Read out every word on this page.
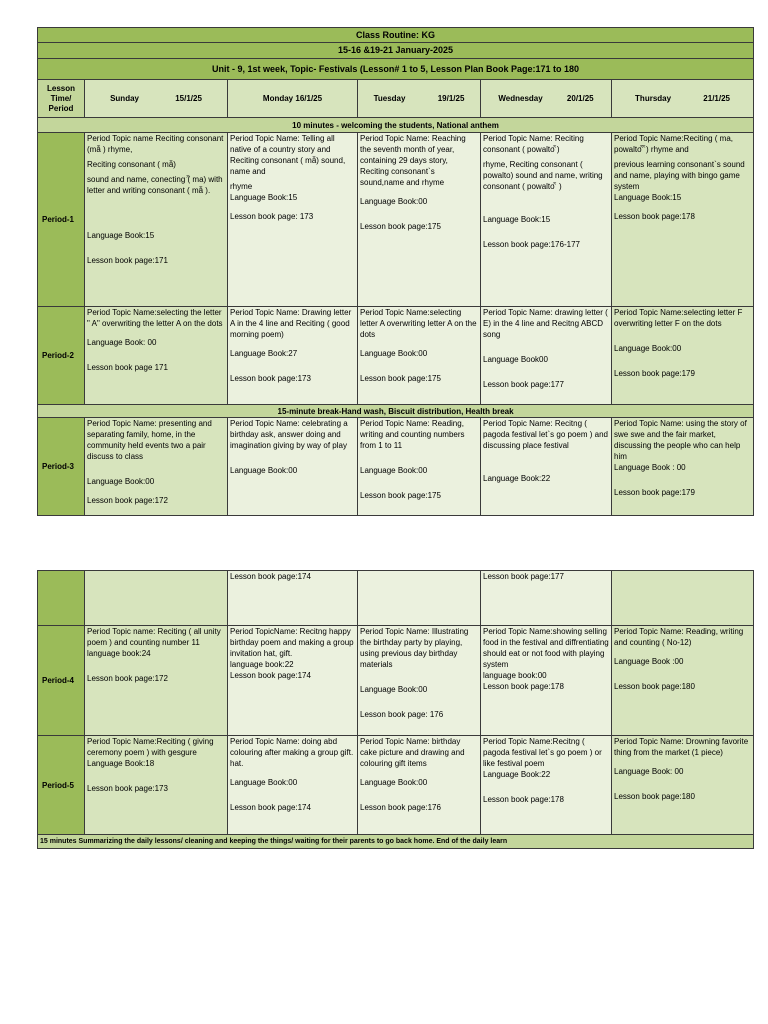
Class Routine: KG					
15-16 &19-21 January-2025					
Unit - 9, 1st week, Topic- Festivals (Lesson# 1 to 5, Lesson Plan Book Page:171 to 180					
Lesson Time/ Period	Sunday 15/1/25	Monday 16/1/25	Tuesday 19/1/25	Wednesday 20/1/25	Thursday 21/1/25
10 minutes - welcoming the students, National anthem					
Period-1	Period Topic name Reciting consonant (maꩰ ) rhyme,
Reciting consonant ( maꩰ)
sound and name, conecting (ꩰ ma) with letter and writing consonant ( maꩰ ).
Language Book:15
Lesson book page:171	Period Topic Name: Telling all native of a country story and Reciting consonant ( maꩰ) sound, name and
rhyme
Language Book:15
Lesson book page: 173	Period Topic Name: Reaching the seventh month of year, containing 29 days story, Reciting consonant`s sound,name and rhyme
Language Book:00
Lesson book page:175	Period Topic Name: Reciting consonant ( powalto ꩰ)
rhyme, Reciting consonant ( powalto) sound and name, writing consonant ( powalto ꩰ )
Language Book:15
Lesson book page:176-177	Period Topic Name:Reciting ( ma, powalto ꩰ ꩰ) rhyme and
previous learning consonant`s sound and name, playing with bingo game system
Language Book:15
Lesson book page:178

Period-2	Period Topic Name:selecting the letter " A" overwriting the letter A on the dots
Language Book: 00
Lesson book page 171	Period Topic Name: Drawing letter A in the 4 line and Reciting ( good morning poem)
Language Book:27
Lesson book page:173	Period Topic Name:selecting letter A overwriting letter A on the dots
Language Book:00
Lesson book page:175	Period Topic Name: drawing letter ( E) in the 4 line and Recitng ABCD song
Language Book00
Lesson book page:177	Period Topic Name:selecting letter F overwriting letter F on the dots
Language Book:00
Lesson book page:179

15-minute break-Hand wash, Biscuit distribution, Health break					
Period-3	Period Topic Name: presenting and separating family, home, in the community held events two a pair discuss to class
Language Book:00
Lesson book page:172	Period Topic Name: celebrating a birthday ask, answer doing and imagination giving by way of play
Language Book:00	Period Topic Name: Reading, writing and counting numbers from 1 to 11
Language Book:00
Lesson book page:175	Period Topic Name: Recitng ( pagoda festival let`s go poem ) and discussing place festival
Language Book:22	Period Topic Name: using the story of swe swe and the fair market, discussing the people who can help him
Language Book : 00
Lesson book page:179

		Lesson book page:174		Lesson book page:177	

Period-4	Period Topic name: Reciting ( all unity poem ) and counting number 11
language book:24
Lesson book page:172	Period TopicName: Recitng happy birthday poem and making a group invitation hat, gift.
language book:22
Lesson book page:174	Period Topic Name: Illustrating the birthday party by playing, using previous day birthday materials
Language Book:00
Lesson book page: 176	Period Topic Name:showing selling food in the festival and diffrentiating should eat or not food with playing system
language book:00
Lesson book page:178	Period Topic Name: Reading, writing and counting ( No-12)
Language Book :00
Lesson book page:180

Period-5	Period Topic Name:Reciting ( giving ceremony poem ) with gesgure
Language Book:18
Lesson book page:173	Period Topic Name: doing abd colouring after making a group gift. hat.
Language Book:00
Lesson book page:174	Period Topic Name: birthday cake picture and drawing and colouring gift items
Language Book:00
Lesson book page:176	Period Topic Name:Recitng ( pagoda festival let`s go poem ) or like festival poem
Language Book:22
Lesson book page:178	Period Topic Name: Drowning favorite thing from the market (1 piece)
Language Book: 00
Lesson book page:180

15 minutes Summarizing the daily lessons/ cleaning and keeping the things/ waiting for their parents to go back home. End of the daily learn					
